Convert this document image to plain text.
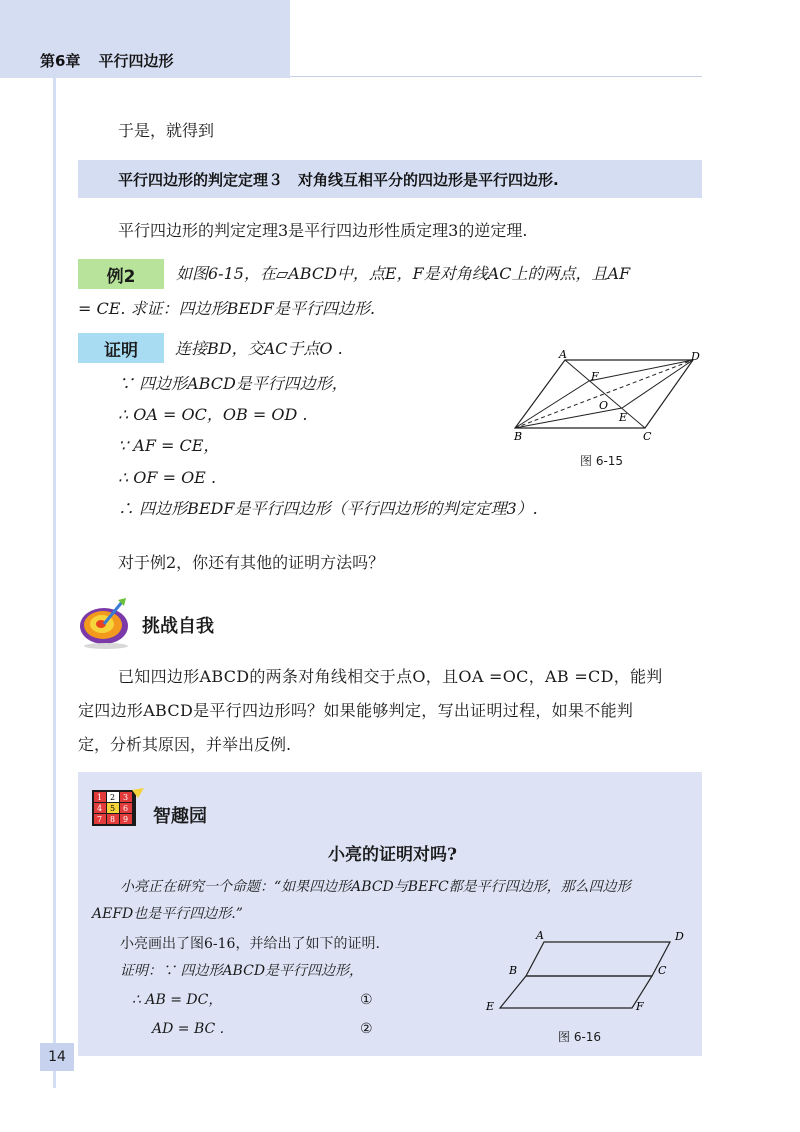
第6章 平行四边形
于是，就得到
平行四边形的判定定理３　对角线互相平分的四边形是平行四边形.
平行四边形的判定定理3是平行四边形性质定理3的逆定理.
例2	如图6-15，在▱ABCD中，点E，F是对角线AC上的两点，且AF
= CE. 求证：四边形BEDF是平行四边形.
证明	连接BD，交AC于点O .
∵ 四边形ABCD是平行四边形，
∴ OA = OC，OB = OD .
∵ AF = CE，
∴ OF = OE .
∴ 四边形BEDF是平行四边形（平行四边形的判定定理3）.
A
B	C
D
E
F
O
图 6-15
对于例2，你还有其他的证明方法吗？
挑战自我
已知四边形ABCD的两条对角线相交于点O，且OA =OC，AB =CD，能判
定四边形ABCD是平行四边形吗？如果能够判定，写出证明过程，如果不能判
定，分析其原因，并举出反例.
1 2 3
4 5 6
7 8 9 智趣园
小亮的证明对吗?
小亮正在研究一个命题：“如果四边形ABCD与BEFC都是平行四边形，那么四边形
AEFD也是平行四边形.”
小亮画出了图6-16，并给出了如下的证明.
证明：∵ 四边形ABCD是平行四边形，
∴ AB = DC，	①
AD = BC .	②
A
B	C
D
E	F
图 6-16
14
